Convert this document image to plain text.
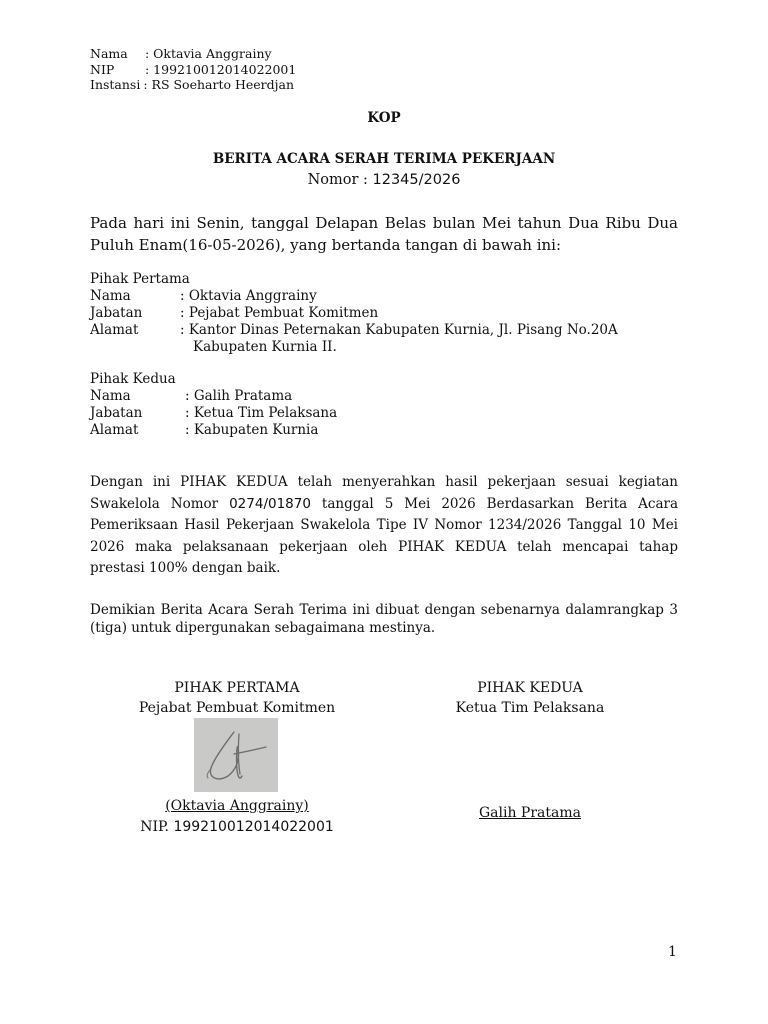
Nama	: Oktavia Anggrainy
NIP	: 199210012014022001
Instansi : RS Soeharto Heerdjan
KOP
BERITA ACARA SERAH TERIMA PEKERJAAN
Nomor : 12345/2026
Pada hari ini Senin, tanggal Delapan Belas bulan Mei tahun Dua Ribu Dua Puluh Enam(16-05-2026), yang bertanda tangan di bawah ini:
Pihak Pertama
Nama	: Oktavia Anggrainy
Jabatan	: Pejabat Pembuat Komitmen
Alamat	: Kantor Dinas Peternakan Kabupaten Kurnia, Jl. Pisang No.20A
Kabupaten Kurnia II.
Pihak Kedua
Nama	: Galih Pratama
Jabatan	: Ketua Tim Pelaksana
Alamat	: Kabupaten Kurnia
Dengan ini PIHAK KEDUA telah menyerahkan hasil pekerjaan sesuai kegiatan Swakelola Nomor 0274/01870 tanggal 5 Mei 2026 Berdasarkan Berita Acara Pemeriksaan Hasil Pekerjaan Swakelola Tipe IV Nomor 1234/2026 Tanggal 10 Mei 2026 maka pelaksanaan pekerjaan oleh PIHAK KEDUA telah mencapai tahap prestasi 100% dengan baik.
Demikian Berita Acara Serah Terima ini dibuat dengan sebenarnya dalamrangkap 3 (tiga) untuk dipergunakan sebagaimana mestinya.
PIHAK PERTAMA
Pejabat Pembuat Komitmen
PIHAK KEDUA
Ketua Tim Pelaksana
(Oktavia Anggrainy)
NIP. 199210012014022001
Galih Pratama
1
